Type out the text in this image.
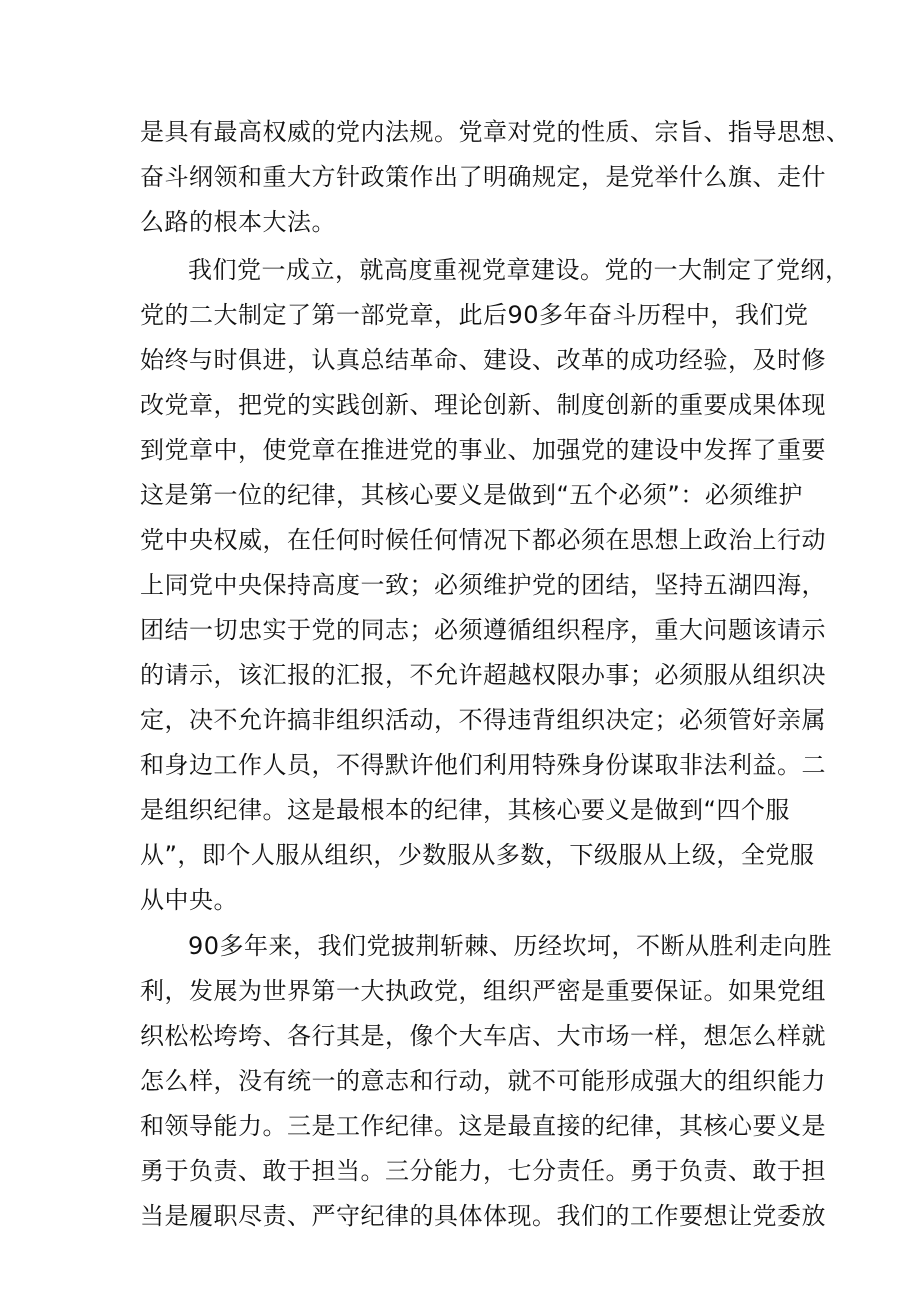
是具有最高权威的党内法规。党章对党的性质、宗旨、指导思想、
奋斗纲领和重大方针政策作出了明确规定，是党举什么旗、走什
么路的根本大法。
我们党一成立，就高度重视党章建设。党的一大制定了党纲，
党的二大制定了第一部党章，此后90多年奋斗历程中，我们党
始终与时俱进，认真总结革命、建设、改革的成功经验，及时修
改党章，把党的实践创新、理论创新、制度创新的重要成果体现
到党章中，使党章在推进党的事业、加强党的建设中发挥了重要
这是第一位的纪律，其核心要义是做到“五个必须”：必须维护
党中央权威，在任何时候任何情况下都必须在思想上政治上行动
上同党中央保持高度一致；必须维护党的团结，坚持五湖四海，
团结一切忠实于党的同志；必须遵循组织程序，重大问题该请示
的请示，该汇报的汇报，不允许超越权限办事；必须服从组织决
定，决不允许搞非组织活动，不得违背组织决定；必须管好亲属
和身边工作人员，不得默许他们利用特殊身份谋取非法利益。二
是组织纪律。这是最根本的纪律，其核心要义是做到“四个服
从”，即个人服从组织，少数服从多数，下级服从上级，全党服
从中央。
90多年来，我们党披荆斩棘、历经坎坷，不断从胜利走向胜
利，发展为世界第一大执政党，组织严密是重要保证。如果党组
织松松垮垮、各行其是，像个大车店、大市场一样，想怎么样就
怎么样，没有统一的意志和行动，就不可能形成强大的组织能力
和领导能力。三是工作纪律。这是最直接的纪律，其核心要义是
勇于负责、敢于担当。三分能力，七分责任。勇于负责、敢于担
当是履职尽责、严守纪律的具体体现。我们的工作要想让党委放
